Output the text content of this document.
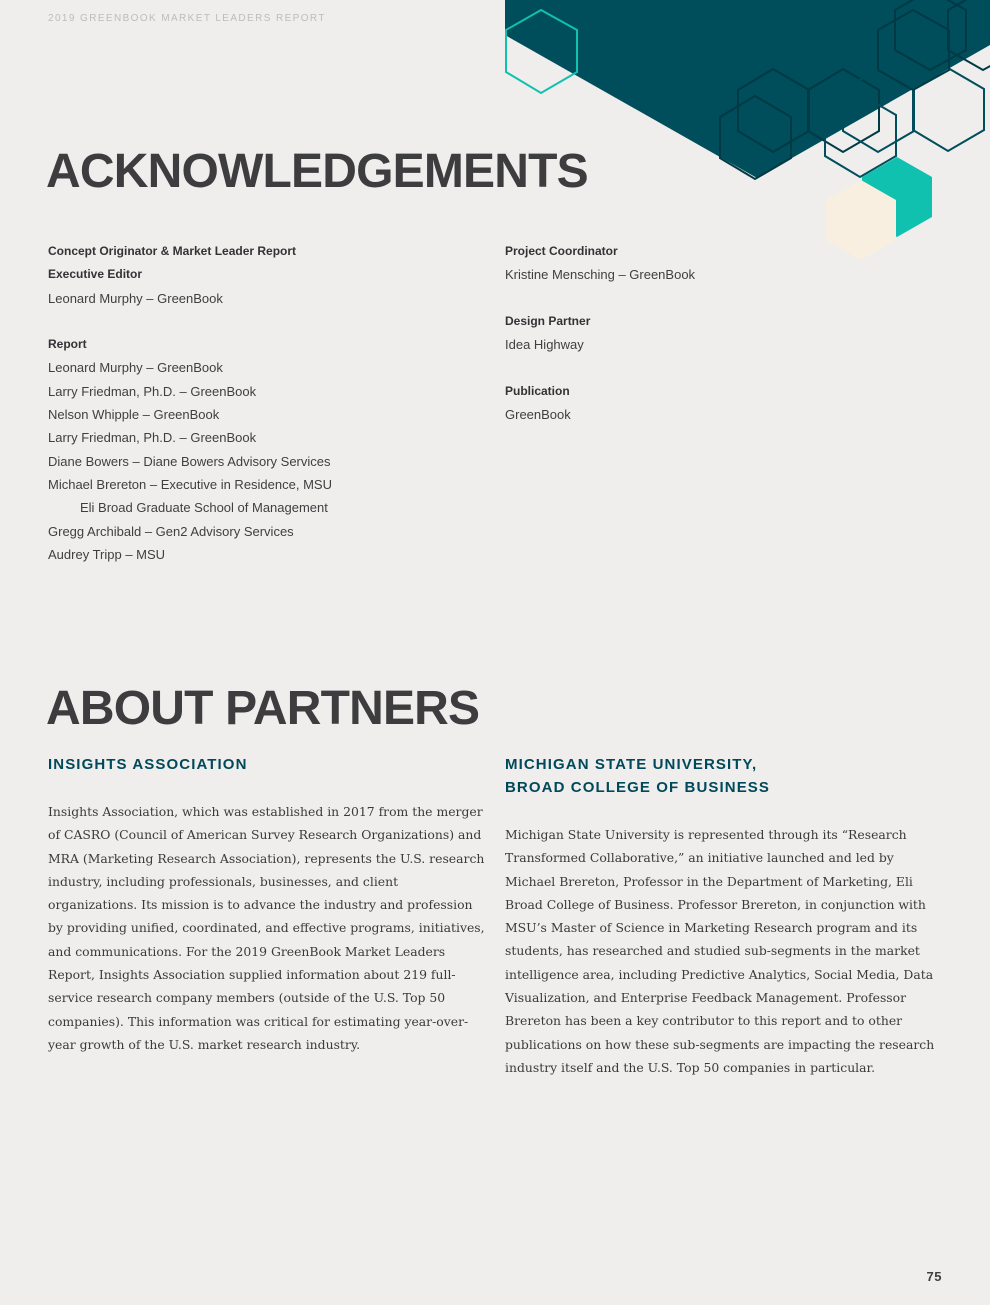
2019 GREENBOOK MARKET LEADERS REPORT
ACKNOWLEDGEMENTS

Concept Originator & Market Leader Report

Executive Editor

Leonard Murphy – GreenBook

Report

Leonard Murphy – GreenBook

Larry Friedman, Ph.D. – GreenBook

Nelson Whipple – GreenBook

Larry Friedman, Ph.D. – GreenBook

Diane Bowers – Diane Bowers Advisory Services

Michael Brereton – Executive in Residence, MSU

Eli Broad Graduate School of Management

Gregg Archibald – Gen2 Advisory Services

Audrey Tripp – MSU

Project Coordinator

Kristine Mensching – GreenBook

Design Partner

Idea Highway

Publication

GreenBook

ABOUT PARTNERS
INSIGHTS ASSOCIATION

Insights Association, which was established in 2017 from the merger of CASRO (Council of American Survey Research Organizations) and MRA (Marketing Research Association), represents the U.S. research industry, including professionals, businesses, and client organizations. Its mission is to advance the industry and profession by providing unified, coordinated, and effective programs, initiatives, and communications. For the 2019 GreenBook Market Leaders Report, Insights Association supplied information about 219 full-service research company members (outside of the U.S. Top 50 companies). This information was critical for estimating year-over-year growth of the U.S. market research industry.

MICHIGAN STATE UNIVERSITY,
BROAD COLLEGE OF BUSINESS

Michigan State University is represented through its “Research Transformed Collaborative,” an initiative launched and led by Michael Brereton, Professor in the Department of Marketing, Eli Broad College of Business. Professor Brereton, in conjunction with MSU’s Master of Science in Marketing Research program and its students, has researched and studied sub-segments in the market intelligence area, including Predictive Analytics, Social Media, Data Visualization, and Enterprise Feedback Management. Professor Brereton has been a key contributor to this report and to other publications on how these sub-segments are impacting the research industry itself and the U.S. Top 50 companies in particular.

75
